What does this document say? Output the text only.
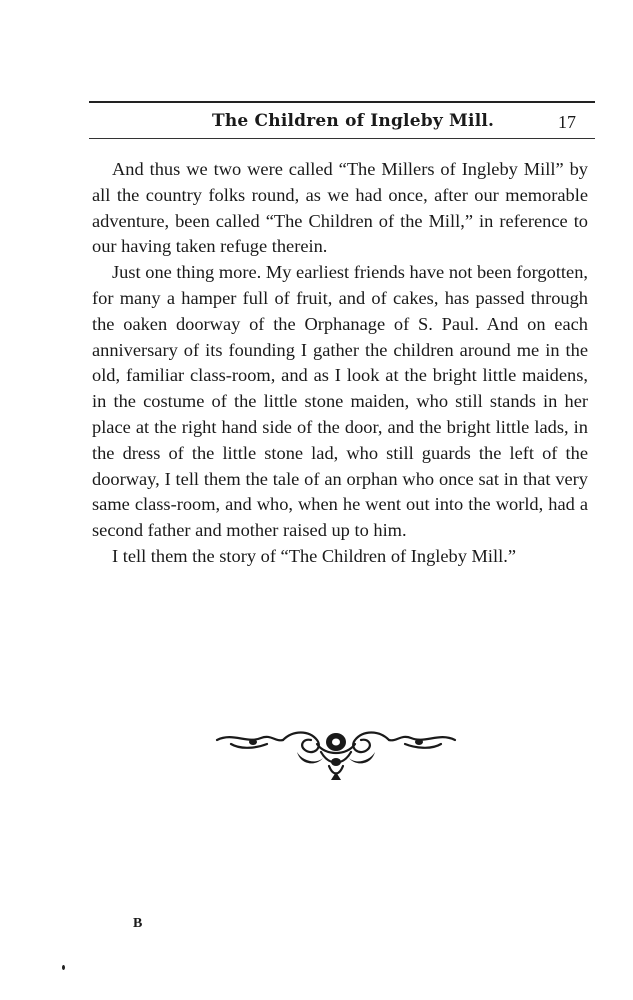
The Children of Ingleby Mill.	17

And thus we two were called “The Millers of Ingleby Mill” by all the country folks round, as we had once, after our memorable adventure, been called “The Children of the Mill,” in reference to our having taken refuge therein.

Just one thing more. My earliest friends have not been forgotten, for many a hamper full of fruit, and of cakes, has passed through the oaken doorway of the Orphanage of S. Paul. And on each anniversary of its founding I gather the children around me in the old, familiar class-room, and as I look at the bright little maidens, in the costume of the little stone maiden, who still stands in her place at the right hand side of the door, and the bright little lads, in the dress of the little stone lad, who still guards the left of the doorway, I tell them the tale of an orphan who once sat in that very same class-room, and who, when he went out into the world, had a second father and mother raised up to him.

I tell them the story of “The Children of Ingleby Mill.”

B
